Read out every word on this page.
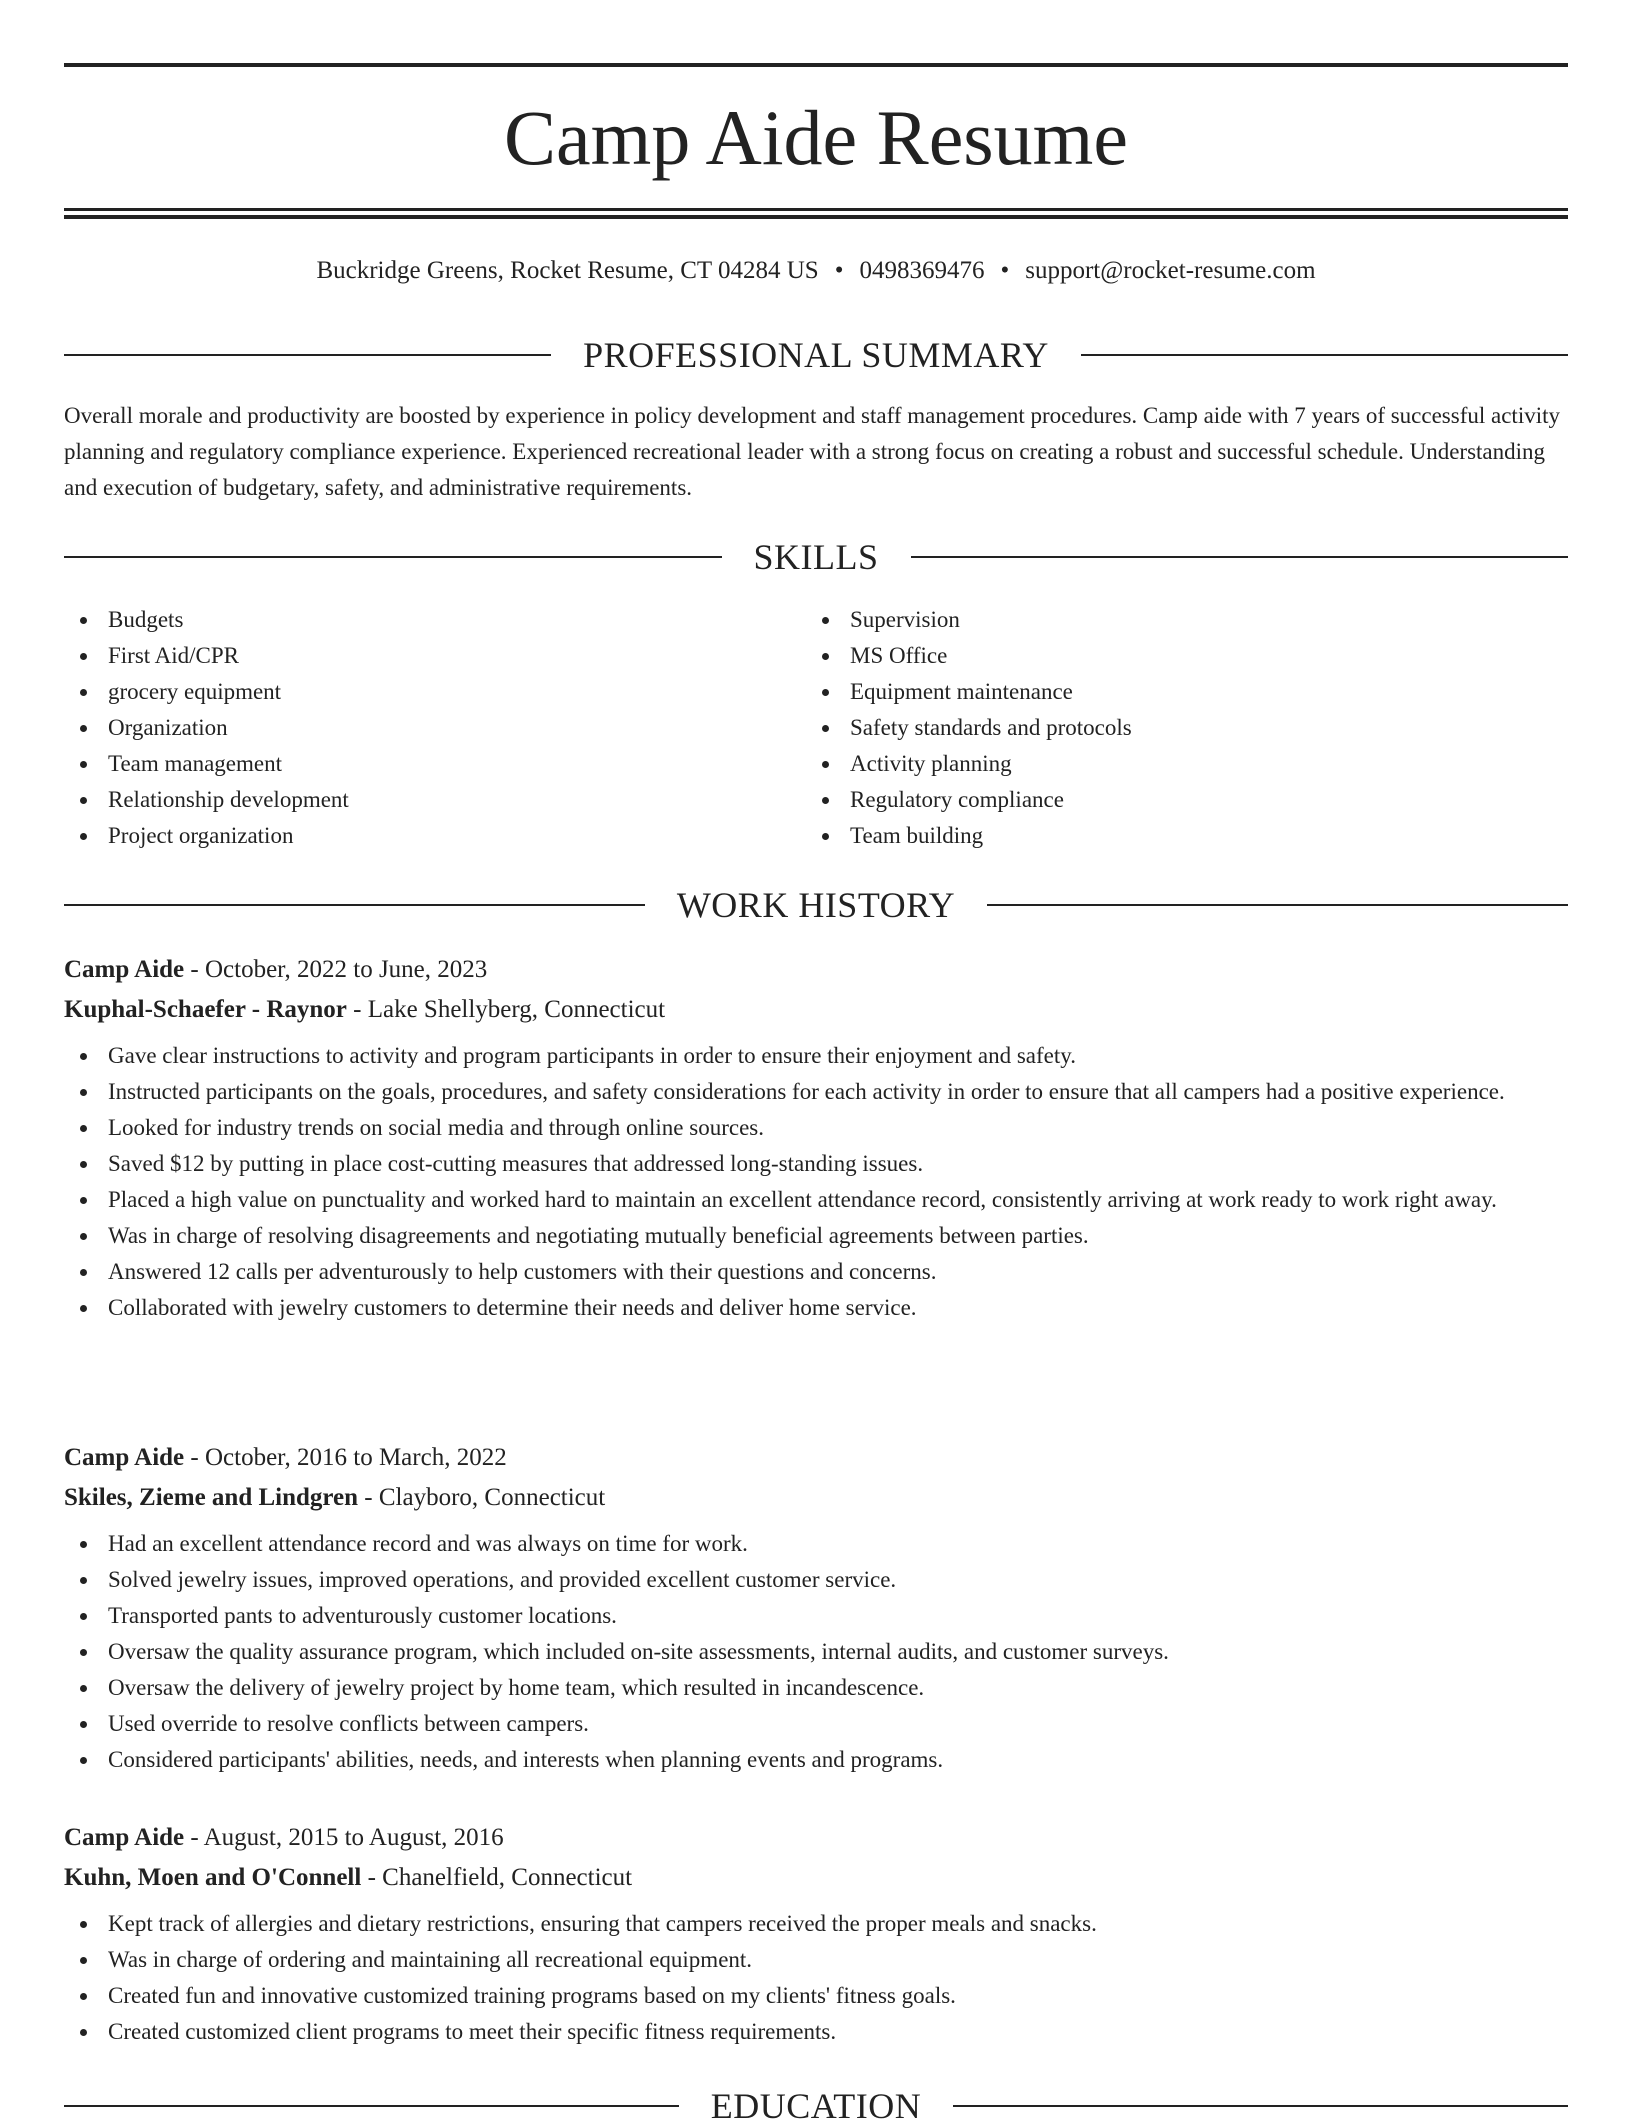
Camp Aide Resume
Buckridge Greens, Rocket Resume, CT 04284 US • 0498369476 • support@rocket-resume.com
PROFESSIONAL SUMMARY

Overall morale and productivity are boosted by experience in policy development and staff management procedures. Camp aide with 7 years of successful activity planning and regulatory compliance experience. Experienced recreational leader with a strong focus on creating a robust and successful schedule. Understanding and execution of budgetary, safety, and administrative requirements.

SKILLS
Budgets
First Aid/CPR
grocery equipment
Organization
Team management
Relationship development
Project organization
Supervision
MS Office
Equipment maintenance
Safety standards and protocols
Activity planning
Regulatory compliance
Team building
WORK HISTORY

Camp Aide - October, 2022 to June, 2023

Kuphal-Schaefer - Raynor - Lake Shellyberg, Connecticut

Gave clear instructions to activity and program participants in order to ensure their enjoyment and safety.
Instructed participants on the goals, procedures, and safety considerations for each activity in order to ensure that all campers had a positive experience.
Looked for industry trends on social media and through online sources.
Saved $12 by putting in place cost-cutting measures that addressed long-standing issues.
Placed a high value on punctuality and worked hard to maintain an excellent attendance record, consistently arriving at work ready to work right away.
Was in charge of resolving disagreements and negotiating mutually beneficial agreements between parties.
Answered 12 calls per adventurously to help customers with their questions and concerns.
Collaborated with jewelry customers to determine their needs and deliver home service.

Camp Aide - October, 2016 to March, 2022

Skiles, Zieme and Lindgren - Clayboro, Connecticut

Had an excellent attendance record and was always on time for work.
Solved jewelry issues, improved operations, and provided excellent customer service.
Transported pants to adventurously customer locations.
Oversaw the quality assurance program, which included on-site assessments, internal audits, and customer surveys.
Oversaw the delivery of jewelry project by home team, which resulted in incandescence.
Used override to resolve conflicts between campers.
Considered participants' abilities, needs, and interests when planning events and programs.

Camp Aide - August, 2015 to August, 2016

Kuhn, Moen and O'Connell - Chanelfield, Connecticut

Kept track of allergies and dietary restrictions, ensuring that campers received the proper meals and snacks.
Was in charge of ordering and maintaining all recreational equipment.
Created fun and innovative customized training programs based on my clients' fitness goals.
Created customized client programs to meet their specific fitness requirements.
EDUCATION
